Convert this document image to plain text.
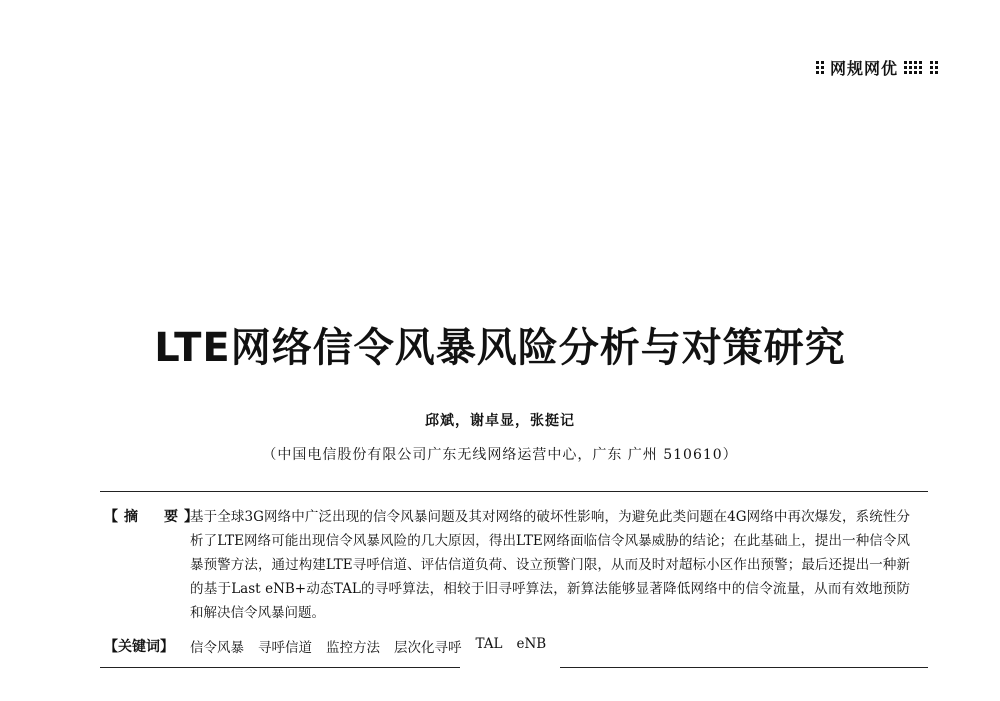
网规网优
LTE网络信令风暴风险分析与对策研究
邱斌，谢卓显，张挺记
（中国电信股份有限公司广东无线网络运营中心，广东 广州 510610）
【摘　要】
基于全球3G网络中广泛出现的信令风暴问题及其对网络的破坏性影响，为避免此类问题在4G网络中再次爆发，系统性分析了LTE网络可能出现信令风暴风险的几大原因，得出LTE网络面临信令风暴威胁的结论；在此基础上，提出一种信令风暴预警方法，通过构建LTE寻呼信道、评估信道负荷、设立预警门限，从而及时对超标小区作出预警；最后还提出一种新的基于Last eNB+动态TAL的寻呼算法，相较于旧寻呼算法，新算法能够显著降低网络中的信令流量，从而有效地预防和解决信令风暴问题。
【关键词】 信令风暴 寻呼信道 监控方法 层次化寻呼 TAL eNB
